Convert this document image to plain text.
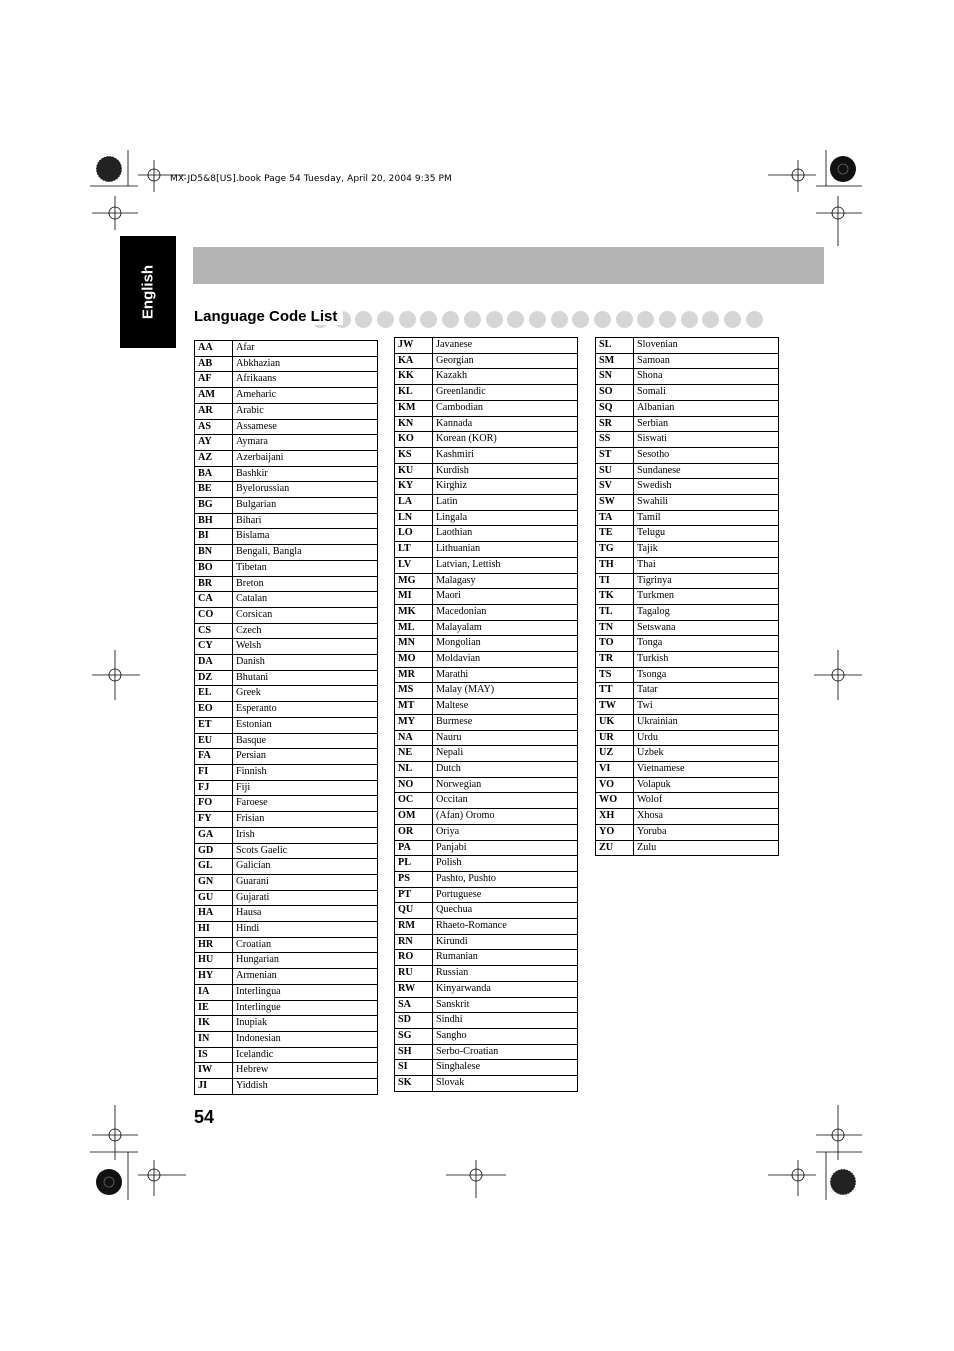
MX-JD5&8[US].book Page 54 Tuesday, April 20, 2004 9:35 PM
English	Language Code List
AA	Afar
AB	Abkhazian
AF	Afrikaans
AM	Ameharic
AR	Arabic
AS	Assamese
AY	Aymara
AZ	Azerbaijani
BA	Bashkir
BE	Byelorussian
BG	Bulgarian
BH	Bihari
BI	Bislama
BN	Bengali, Bangla
BO	Tibetan
BR	Breton
CA	Catalan
CO	Corsican
CS	Czech
CY	Welsh
DA	Danish
DZ	Bhutani
EL	Greek
EO	Esperanto
ET	Estonian
EU	Basque
FA	Persian
FI	Finnish
FJ	Fiji
FO	Faroese
FY	Frisian
GA	Irish
GD	Scots Gaelic
GL	Galician
GN	Guarani
GU	Gujarati
HA	Hausa
HI	Hindi
HR	Croatian
HU	Hungarian
HY	Armenian
IA	Interlingua
IE	Interlingue
IK	Inupiak
IN	Indonesian
IS	Icelandic
IW	Hebrew
JI	Yiddish
JW	Javanese
KA	Georgian
KK	Kazakh
KL	Greenlandic
KM	Cambodian
KN	Kannada
KO	Korean (KOR)
KS	Kashmiri
KU	Kurdish
KY	Kirghiz
LA	Latin
LN	Lingala
LO	Laothian
LT	Lithuanian
LV	Latvian, Lettish
MG	Malagasy
MI	Maori
MK	Macedonian
ML	Malayalam
MN	Mongolian
MO	Moldavian
MR	Marathi
MS	Malay (MAY)
MT	Maltese
MY	Burmese
NA	Nauru
NE	Nepali
NL	Dutch
NO	Norwegian
OC	Occitan
OM	(Afan) Oromo
OR	Oriya
PA	Panjabi
PL	Polish
PS	Pashto, Pushto
PT	Portuguese
QU	Quechua
RM	Rhaeto-Romance
RN	Kirundi
RO	Rumanian
RU	Russian
RW	Kinyarwanda
SA	Sanskrit
SD	Sindhi
SG	Sangho
SH	Serbo-Croatian
SI	Singhalese
SK	Slovak
SL	Slovenian
SM	Samoan
SN	Shona
SO	Somali
SQ	Albanian
SR	Serbian
SS	Siswati
ST	Sesotho
SU	Sundanese
SV	Swedish
SW	Swahili
TA	Tamil
TE	Telugu
TG	Tajik
TH	Thai
TI	Tigrinya
TK	Turkmen
TL	Tagalog
TN	Setswana
TO	Tonga
TR	Turkish
TS	Tsonga
TT	Tatar
TW	Twi
UK	Ukrainian
UR	Urdu
UZ	Uzbek
VI	Vietnamese
VO	Volapuk
WO	Wolof
XH	Xhosa
YO	Yoruba
ZU	Zulu
54
